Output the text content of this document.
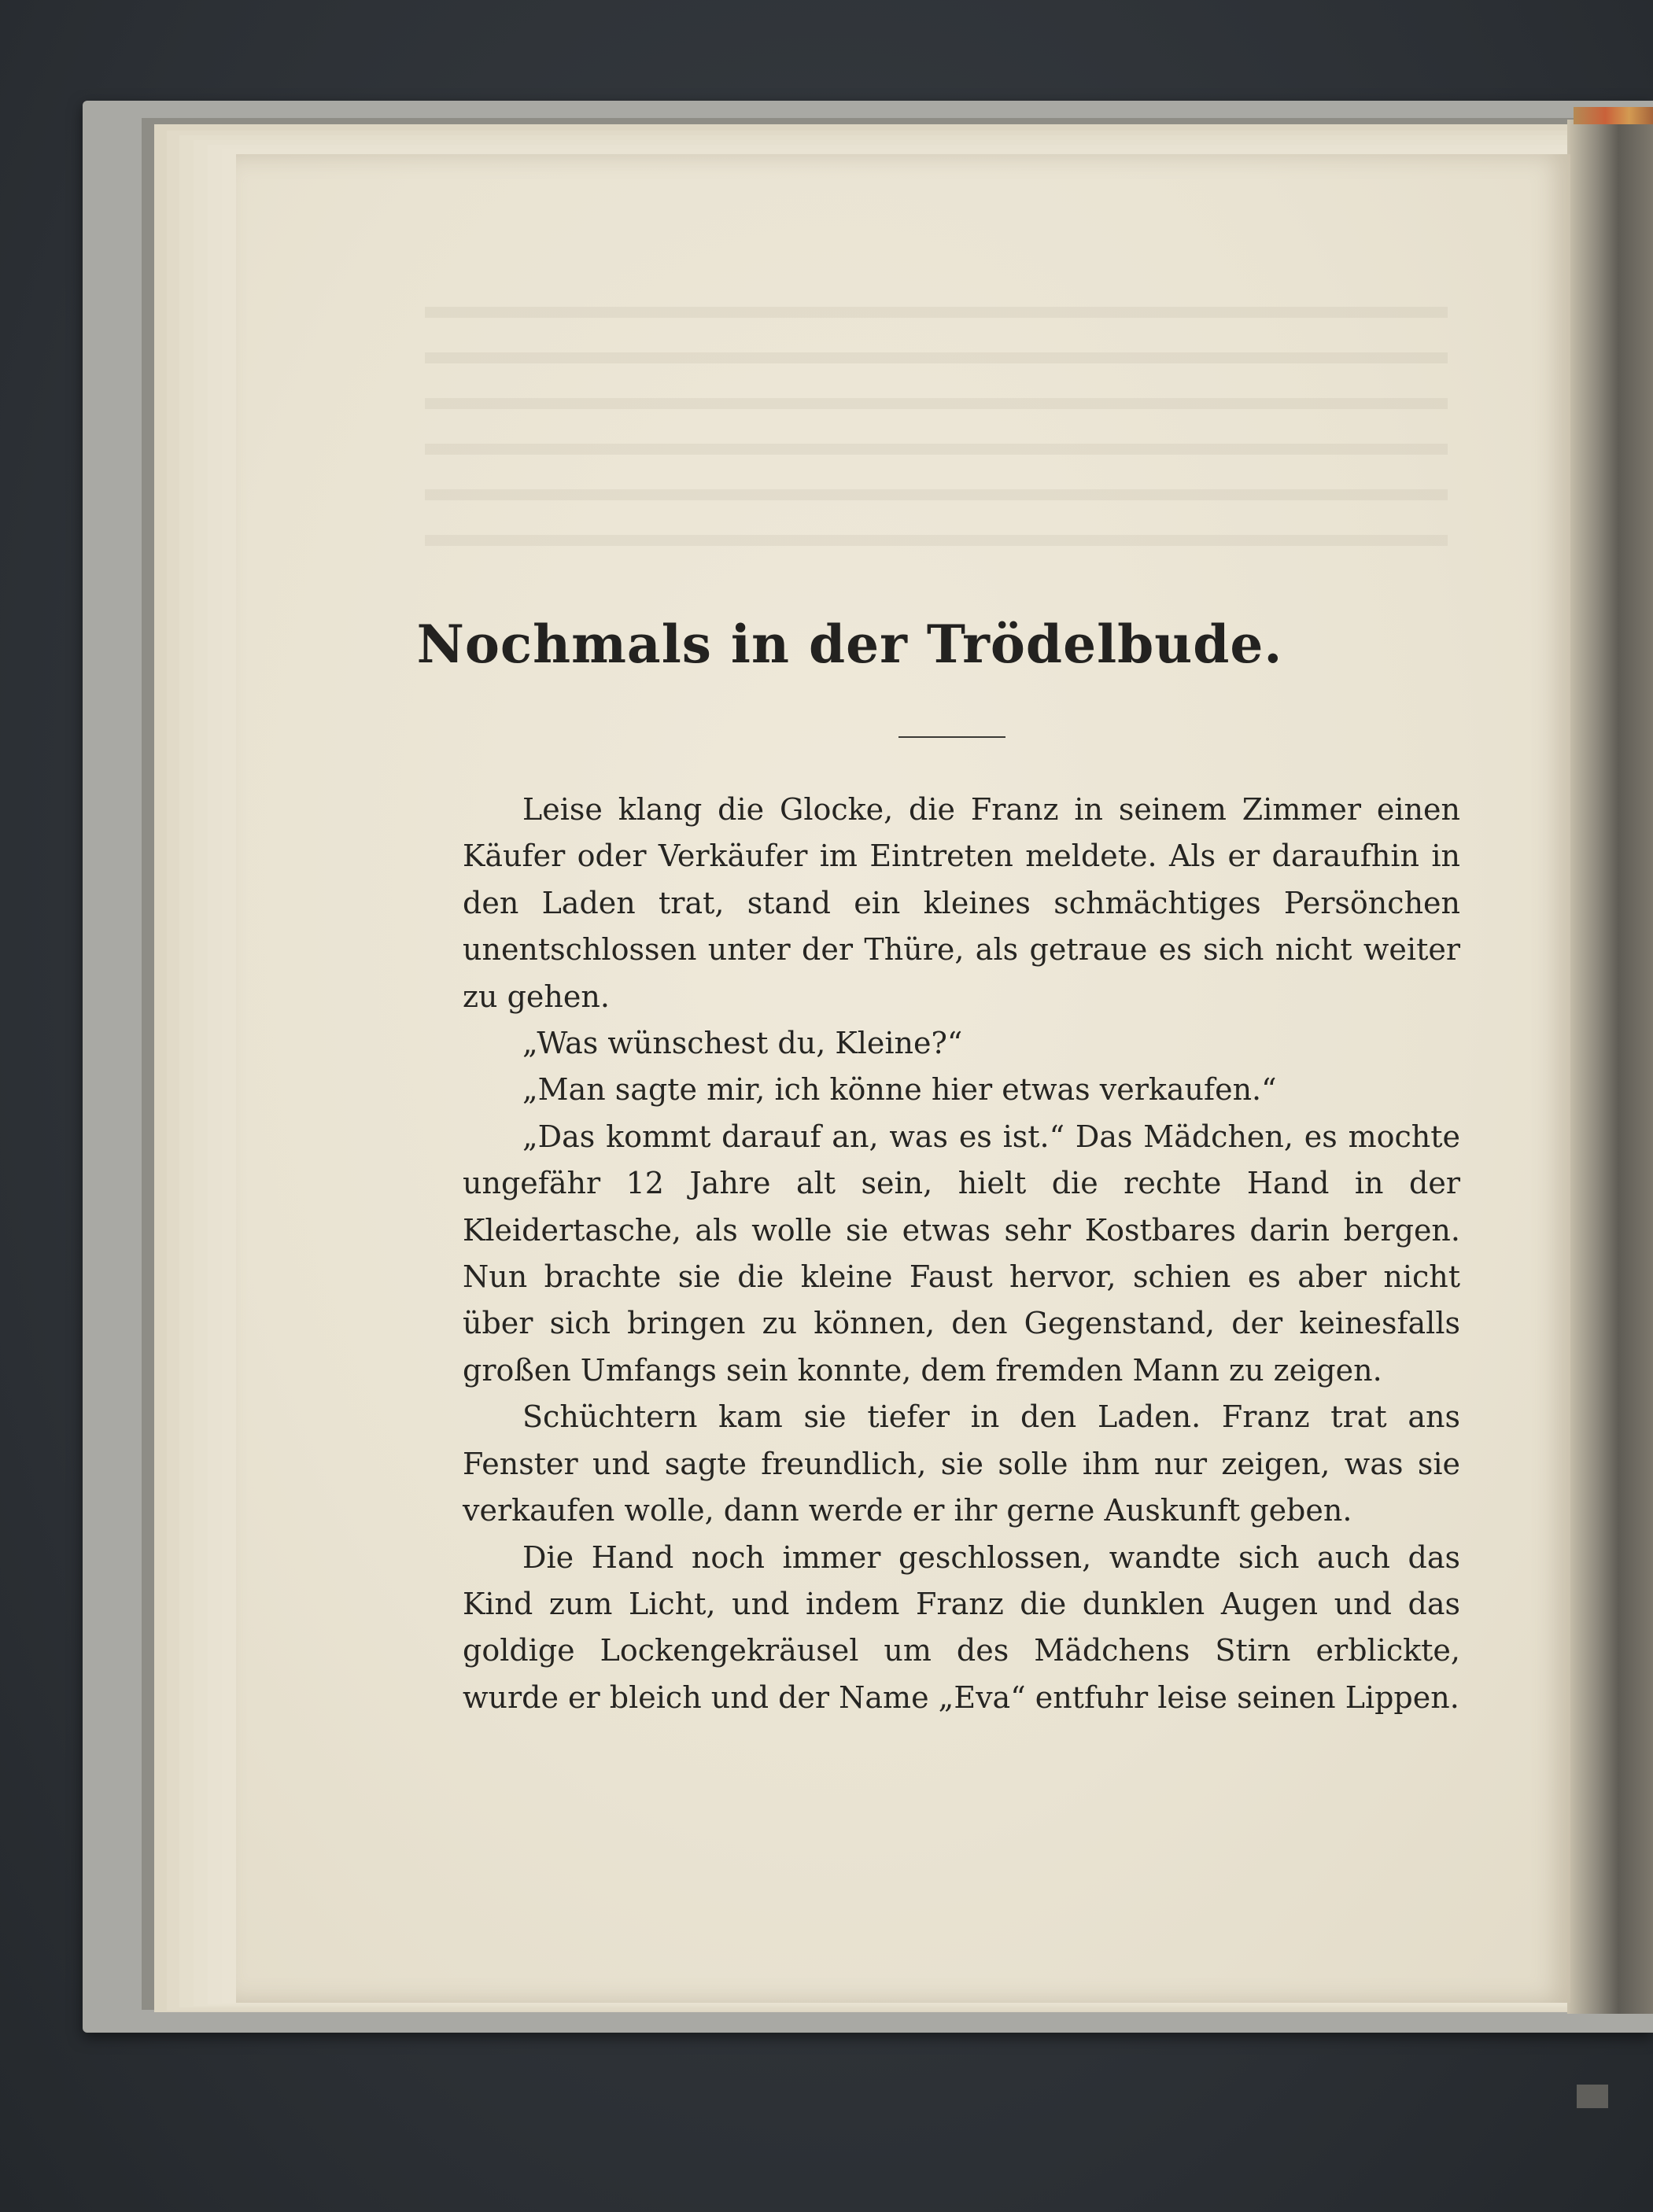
Nochmals in der Trödelbude.

Leise klang die Glocke, die Franz in seinem Zimmer einen Käufer oder Verkäufer im Eintreten meldete. Als er daraufhin in den Laden trat, stand ein kleines schmächtiges Persönchen unentschlossen unter der Thüre, als getraue es sich nicht weiter zu gehen.

„Was wünschest du, Kleine?“

„Man sagte mir, ich könne hier etwas verkaufen.“

„Das kommt darauf an, was es ist.“ Das Mädchen, es mochte ungefähr 12 Jahre alt sein, hielt die rechte Hand in der Kleidertasche, als wolle sie etwas sehr Kostbares darin bergen. Nun brachte sie die kleine Faust hervor, schien es aber nicht über sich bringen zu können, den Gegenstand, der keinesfalls großen Umfangs sein konnte, dem fremden Mann zu zeigen.

Schüchtern kam sie tiefer in den Laden. Franz trat ans Fenster und sagte freundlich, sie solle ihm nur zeigen, was sie verkaufen wolle, dann werde er ihr gerne Auskunft geben.

Die Hand noch immer geschlossen, wandte sich auch das Kind zum Licht, und indem Franz die dunklen Augen und das goldige Lockengekräusel um des Mädchens Stirn erblickte, wurde er bleich und der Name „Eva“ entfuhr leise seinen Lippen.
